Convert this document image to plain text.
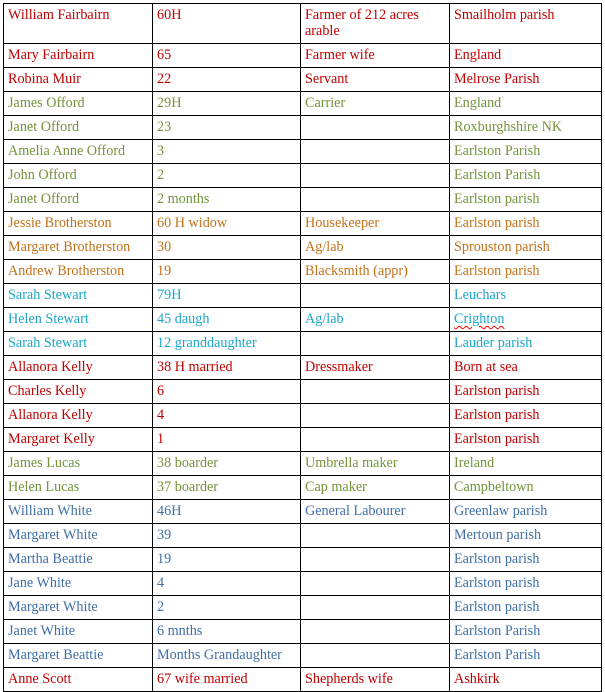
William Fairbairn	60H	Farmer of 212 acres arable	Smailholm parish
Mary Fairbairn	65	Farmer wife	England
Robina Muir	22	Servant	Melrose Parish
James Offord	29H	Carrier	England
Janet Offord	23		Roxburghshire NK
Amelia Anne Offord	3		Earlston Parish
John Offord	2		Earlston Parish
Janet Offord	2 months		Earlston parish
Jessie Brotherston	60 H widow	Housekeeper	Earlston parish
Margaret Brotherston	30	Ag/lab	Sprouston parish
Andrew Brotherston	19	Blacksmith (appr)	Earlston parish
Sarah Stewart	79H		Leuchars
Helen Stewart	45 daugh	Ag/lab	Crighton
Sarah Stewart	12 granddaughter		Lauder parish
Allanora Kelly	38 H married	Dressmaker	Born at sea
Charles Kelly	6		Earlston parish
Allanora Kelly	4		Earlston parish
Margaret Kelly	1		Earlston parish
James Lucas	38 boarder	Umbrella maker	Ireland
Helen Lucas	37 boarder	Cap maker	Campbeltown
William White	46H	General Labourer	Greenlaw parish
Margaret White	39		Mertoun parish
Martha Beattie	19		Earlston parish
Jane White	4		Earlston parish
Margaret White	2		Earlston parish
Janet White	6 mnths		Earlston Parish
Margaret Beattie	Months Grandaughter		Earlston Parish
Anne Scott	67 wife married	Shepherds wife	Ashkirk
